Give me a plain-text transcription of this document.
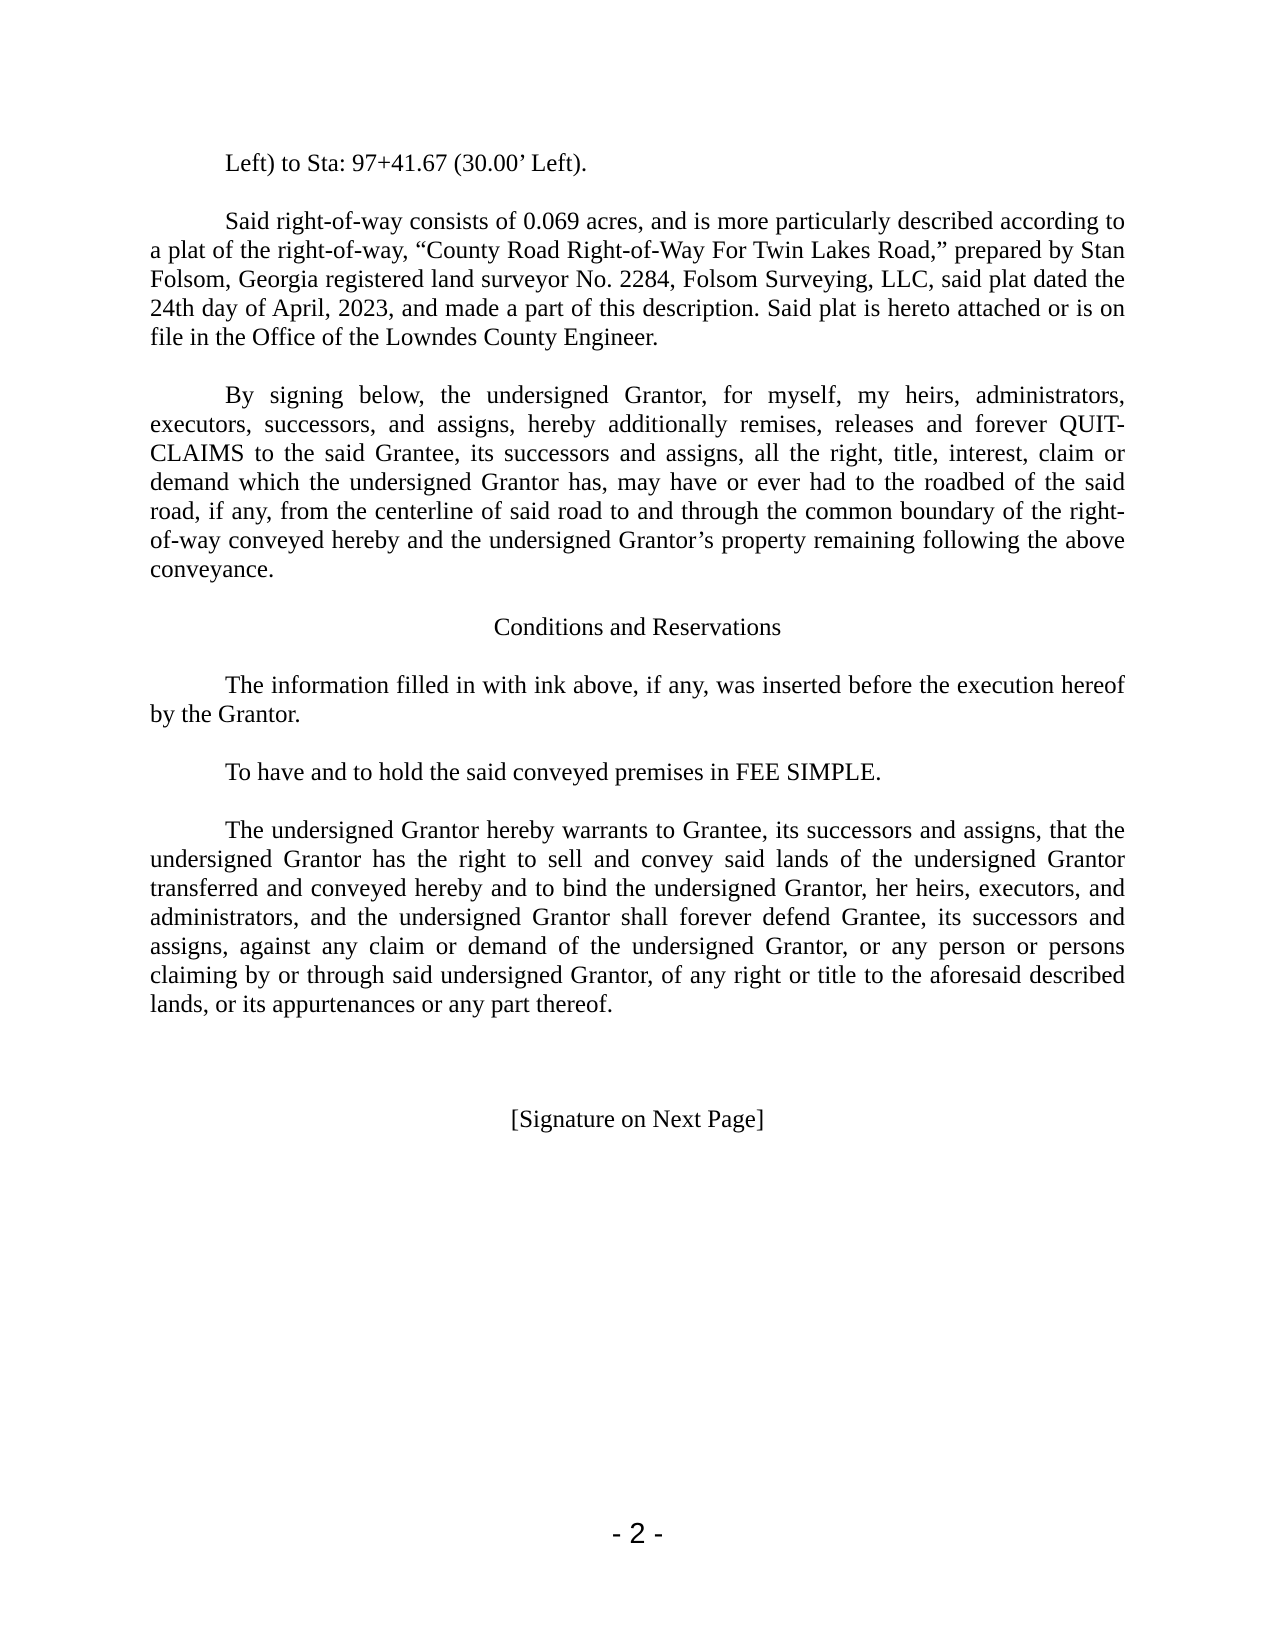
Left) to Sta: 97+41.67 (30.00’ Left).

Said right-of-way consists of 0.069 acres, and is more particularly described according to a plat of the right-of-way, “County Road Right-of-Way For Twin Lakes Road,” prepared by Stan Folsom, Georgia registered land surveyor No. 2284, Folsom Surveying, LLC, said plat dated the 24th day of April, 2023, and made a part of this description. Said plat is hereto attached or is on file in the Office of the Lowndes County Engineer.

By signing below, the undersigned Grantor, for myself, my heirs, administrators, executors, successors, and assigns, hereby additionally remises, releases and forever QUIT-CLAIMS to the said Grantee, its successors and assigns, all the right, title, interest, claim or demand which the undersigned Grantor has, may have or ever had to the roadbed of the said road, if any, from the centerline of said road to and through the common boundary of the right-of-way conveyed hereby and the undersigned Grantor’s property remaining following the above conveyance.

Conditions and Reservations

The information filled in with ink above, if any, was inserted before the execution hereof by the Grantor.

To have and to hold the said conveyed premises in FEE SIMPLE.

The undersigned Grantor hereby warrants to Grantee, its successors and assigns, that the undersigned Grantor has the right to sell and convey said lands of the undersigned Grantor transferred and conveyed hereby and to bind the undersigned Grantor, her heirs, executors, and administrators, and the undersigned Grantor shall forever defend Grantee, its successors and assigns, against any claim or demand of the undersigned Grantor, or any person or persons claiming by or through said undersigned Grantor, of any right or title to the aforesaid described lands, or its appurtenances or any part thereof.

[Signature on Next Page]

- 2 -
